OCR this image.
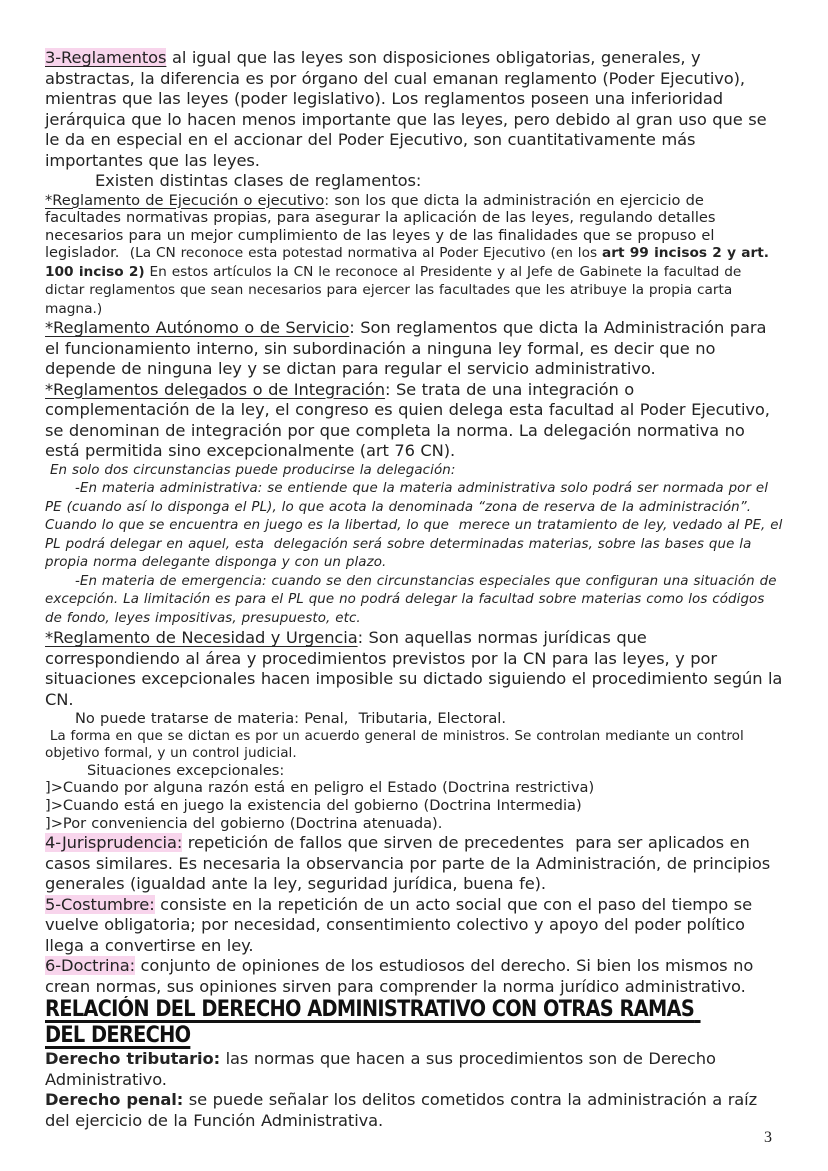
3-Reglamentos al igual que las leyes son disposiciones obligatorias, generales, y abstractas, la diferencia es por órgano del cual emanan reglamento (Poder Ejecutivo), mientras que las leyes (poder legislativo). Los reglamentos poseen una inferioridad jerárquica que lo hacen menos importante que las leyes, pero debido al gran uso que se le da en especial en el accionar del Poder Ejecutivo, son cuantitativamente más importantes que las leyes.

Existen distintas clases de reglamentos:

*Reglamento de Ejecución o ejecutivo: son los que dicta la administración en ejercicio de facultades normativas propias, para asegurar la aplicación de las leyes, regulando detalles necesarios para un mejor cumplimiento de las leyes y de las finalidades que se propuso el legislador.  (La CN reconoce esta potestad normativa al Poder Ejecutivo (en los art 99 incisos 2 y art. 100 inciso 2) En estos artículos la CN le reconoce al Presidente y al Jefe de Gabinete la facultad de dictar reglamentos que sean necesarios para ejercer las facultades que les atribuye la propia carta magna.)

*Reglamento Autónomo o de Servicio: Son reglamentos que dicta la Administración para el funcionamiento interno, sin subordinación a ninguna ley formal, es decir que no depende de ninguna ley y se dictan para regular el servicio administrativo.

*Reglamentos delegados o de Integración: Se trata de una integración o complementación de la ley, el congreso es quien delega esta facultad al Poder Ejecutivo, se denominan de integración por que completa la norma. La delegación normativa no está permitida sino excepcionalmente (art 76 CN).

En solo dos circunstancias puede producirse la delegación:

-En materia administrativa: se entiende que la materia administrativa solo podrá ser normada por el PE (cuando así lo disponga el PL), lo que acota la denominada “zona de reserva de la administración”. Cuando lo que se encuentra en juego es la libertad, lo que  merece un tratamiento de ley, vedado al PE, el PL podrá delegar en aquel, esta  delegación será sobre determinadas materias, sobre las bases que la propia norma delegante disponga y con un plazo.

-En materia de emergencia: cuando se den circunstancias especiales que configuran una situación de excepción. La limitación es para el PL que no podrá delegar la facultad sobre materias como los códigos de fondo, leyes impositivas, presupuesto, etc.

*Reglamento de Necesidad y Urgencia: Son aquellas normas jurídicas que correspondiendo al área y procedimientos previstos por la CN para las leyes, y por situaciones excepcionales hacen imposible su dictado siguiendo el procedimiento según la CN.

No puede tratarse de materia: Penal,  Tributaria, Electoral.

La forma en que se dictan es por un acuerdo general de ministros. Se controlan mediante un control objetivo formal, y un control judicial.

Situaciones excepcionales:

]>Cuando por alguna razón está en peligro el Estado (Doctrina restrictiva)

]>Cuando está en juego la existencia del gobierno (Doctrina Intermedia)

]>Por conveniencia del gobierno (Doctrina atenuada).

4-Jurisprudencia: repetición de fallos que sirven de precedentes  para ser aplicados en casos similares. Es necesaria la observancia por parte de la Administración, de principios generales (igualdad ante la ley, seguridad jurídica, buena fe).

5-Costumbre: consiste en la repetición de un acto social que con el paso del tiempo se vuelve obligatoria; por necesidad, consentimiento colectivo y apoyo del poder político llega a convertirse en ley.

6-Doctrina: conjunto de opiniones de los estudiosos del derecho. Si bien los mismos no crean normas, sus opiniones sirven para comprender la norma jurídico administrativo.

RELACIÓN DEL DERECHO ADMINISTRATIVO CON OTRAS RAMAS DEL DERECHO

Derecho tributario: las normas que hacen a sus procedimientos son de Derecho Administrativo.

Derecho penal: se puede señalar los delitos cometidos contra la administración a raíz del ejercicio de la Función Administrativa.

3
